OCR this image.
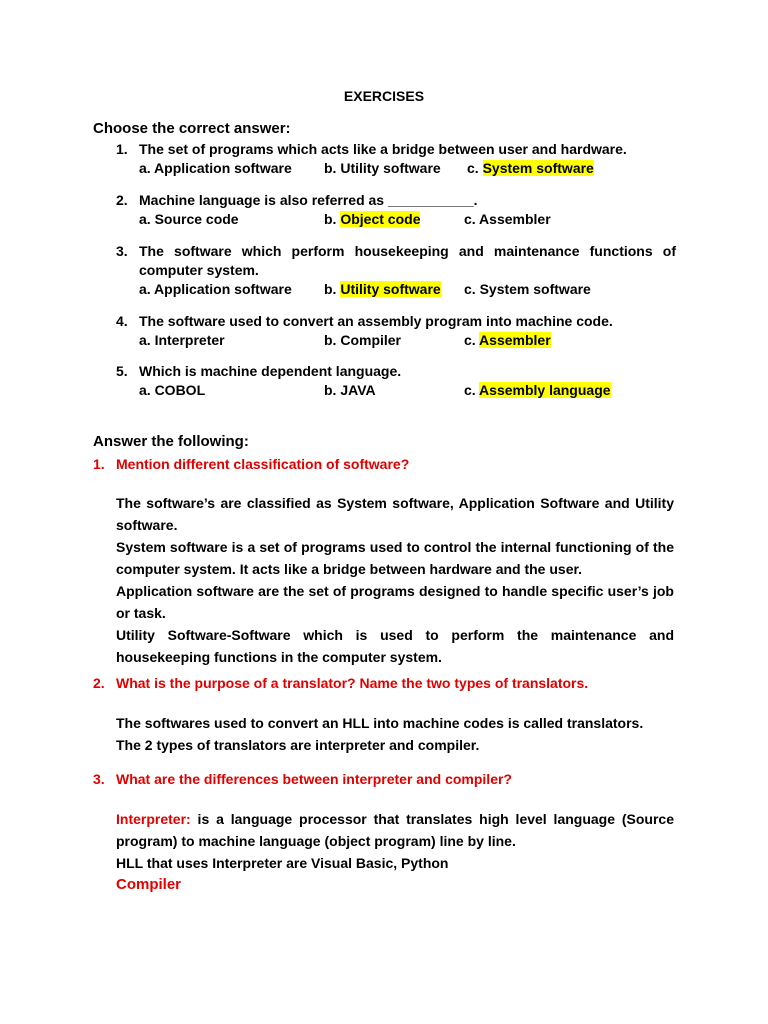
EXERCISES
Choose the correct answer:
1. The set of programs which acts like a bridge between user and hardware.
a. Application software b. Utility software c. System software
2. Machine language is also referred as ___________.
a. Source code	b. Object code	c. Assembler
3. The software which perform housekeeping and maintenance functions of computer system.
a. Application software b. Utility software c. System software
4. The software used to convert an assembly program into machine code.
a. Interpreter	b. Compiler	c. Assembler
5. Which is machine dependent language.
a. COBOL	b. JAVA	c. Assembly language
Answer the following:
1. Mention different classification of software?

The software’s are classified as System software, Application Software and Utility software.

System software is a set of programs used to control the internal functioning of the computer system. It acts like a bridge between hardware and the user.

Application software are the set of programs designed to handle specific user’s job or task.

Utility Software-Software which is used to perform the maintenance and housekeeping functions in the computer system.

2. What is the purpose of a translator? Name the two types of translators.

The softwares used to convert an HLL into machine codes is called translators.

The 2 types of translators are interpreter and compiler.

3. What are the differences between interpreter and compiler?

Interpreter: is a language processor that translates high level language (Source program) to machine language (object program) line by line.

HLL that uses Interpreter are Visual Basic, Python

Compiler
